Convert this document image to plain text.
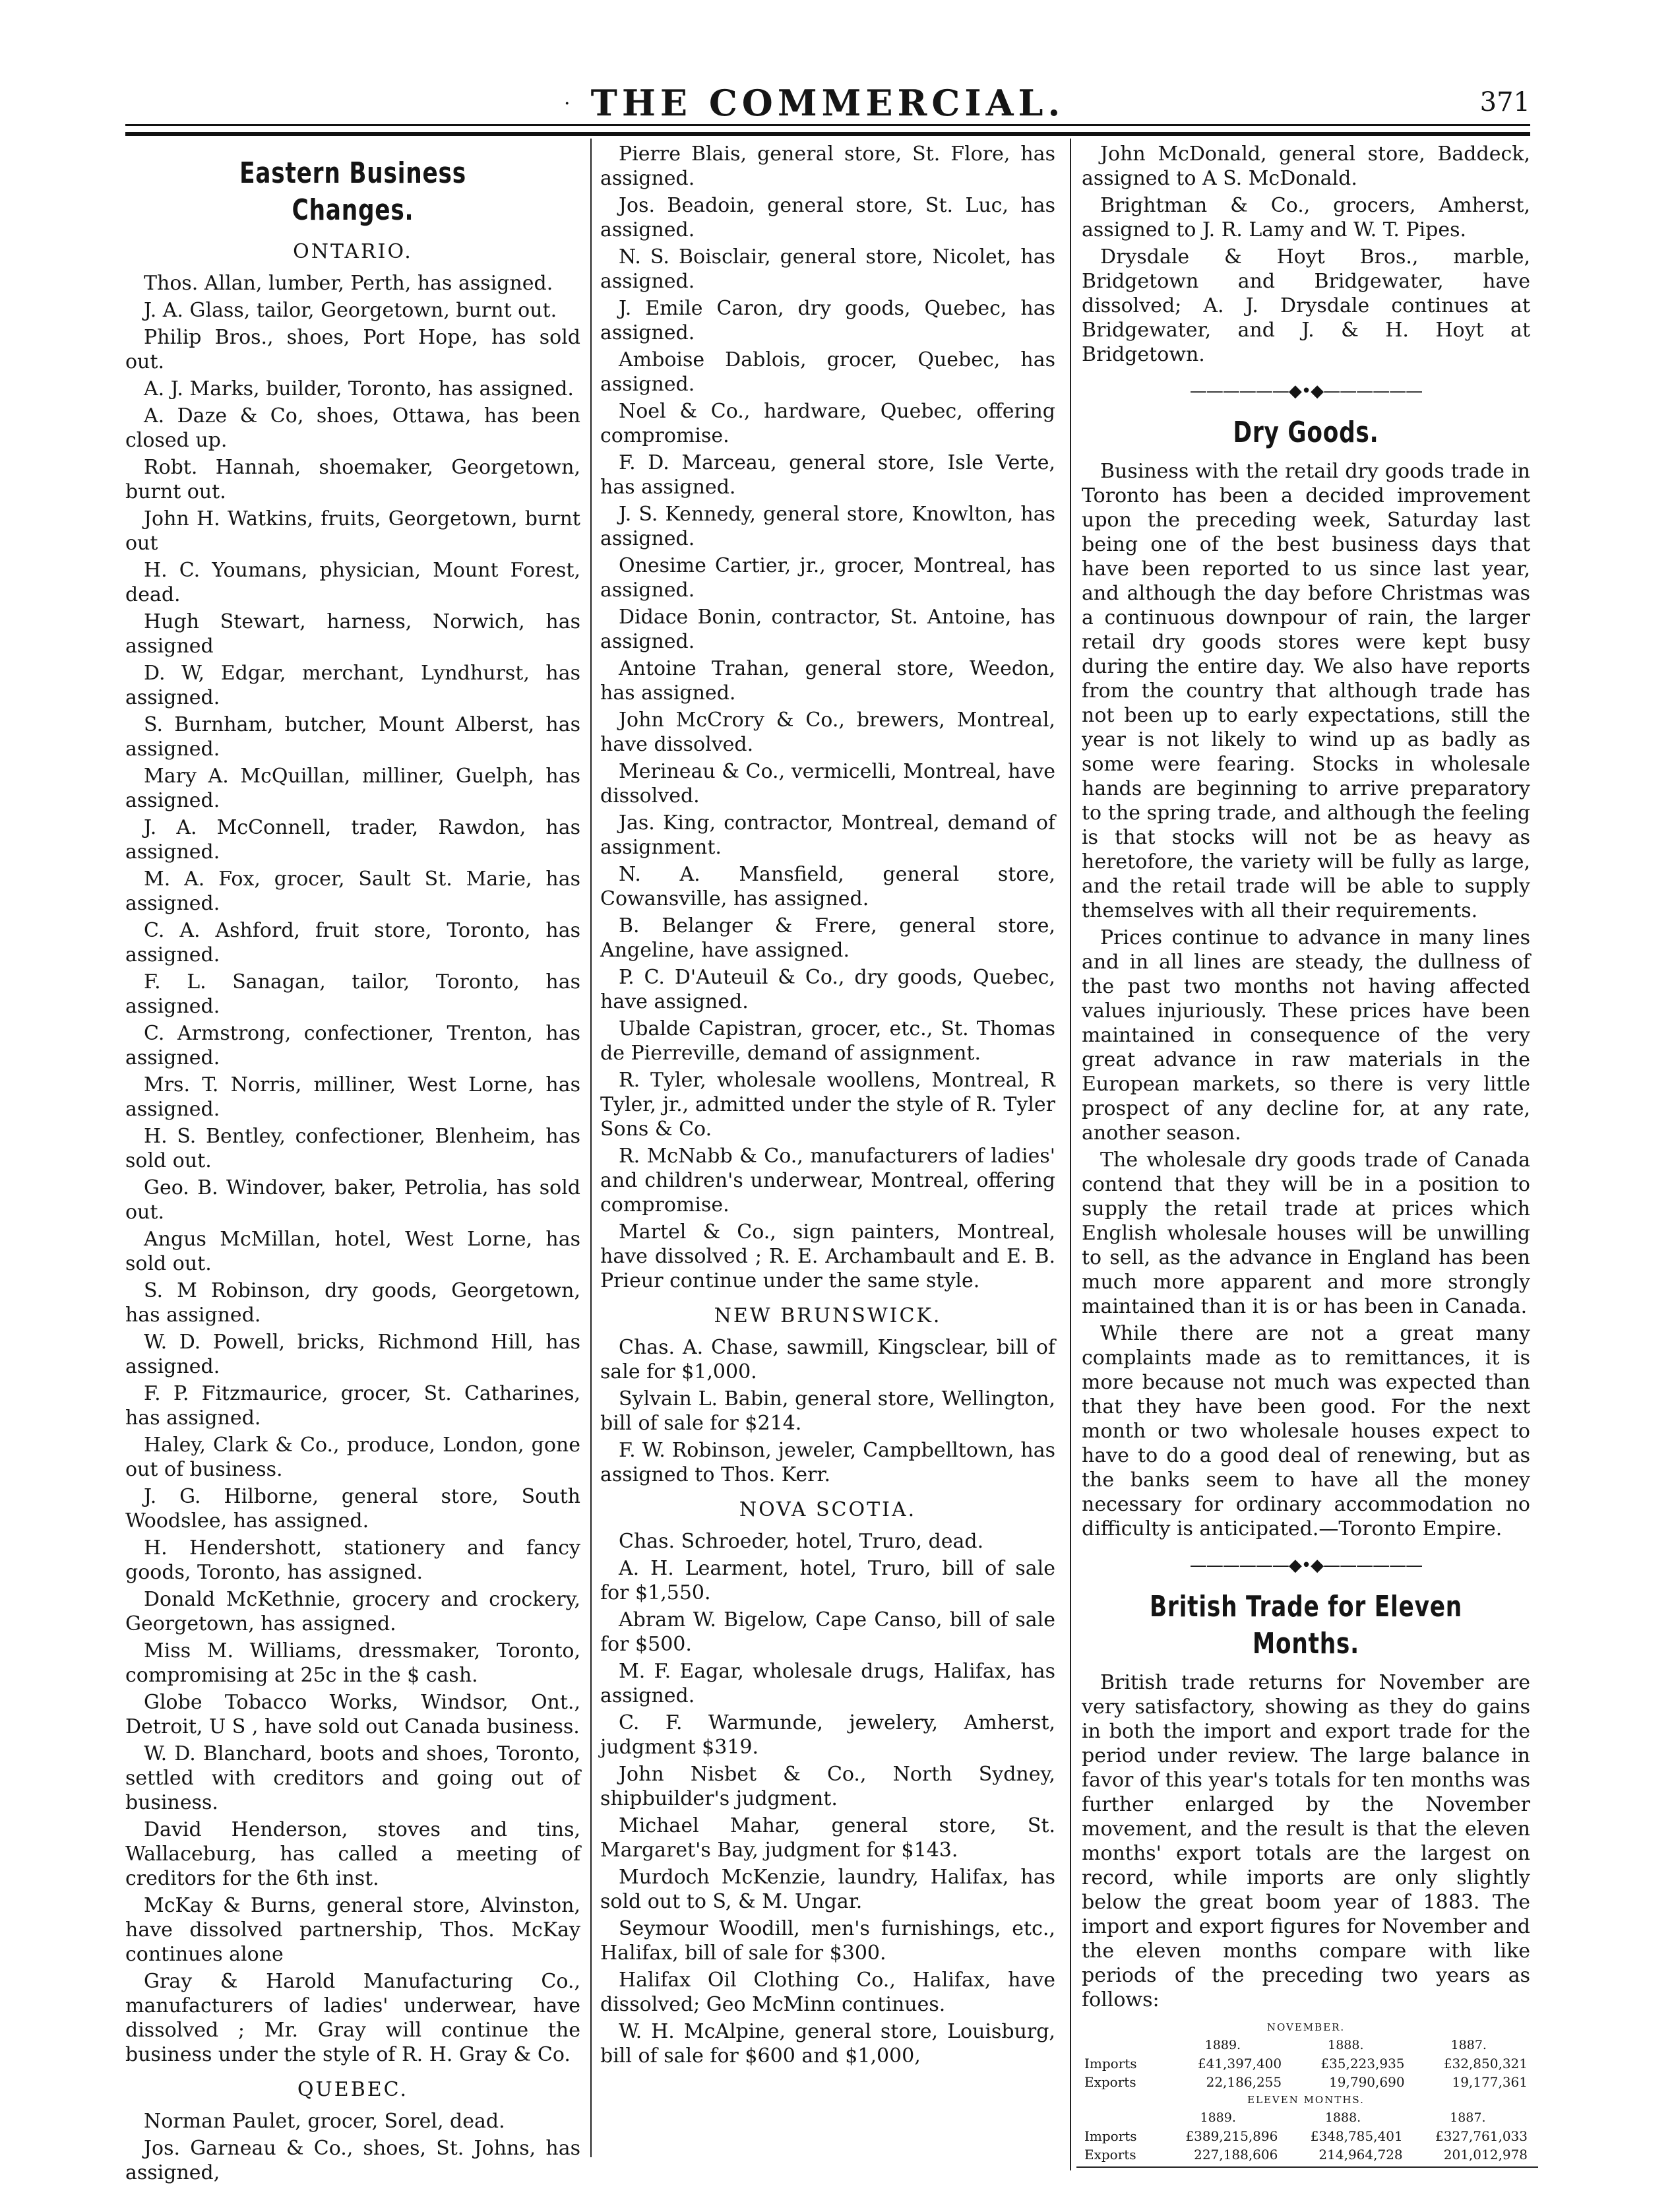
· THE COMMERCIAL.	371
Eastern Business Changes.
ONTARIO.

Thos. Allan, lumber, Perth, has assigned.

J. A. Glass, tailor, Georgetown, burnt out.

Philip Bros., shoes, Port Hope, has sold out.

A. J. Marks, builder, Toronto, has assigned.

A. Daze & Co, shoes, Ottawa, has been closed up.

Robt. Hannah, shoemaker, Georgetown, burnt out.

John H. Watkins, fruits, Georgetown, burnt out

H. C. Youmans, physician, Mount Forest, dead.

Hugh Stewart, harness, Norwich, has assigned

D. W, Edgar, merchant, Lyndhurst, has assigned.

S. Burnham, butcher, Mount Alberst, has assigned.

Mary A. McQuillan, milliner, Guelph, has assigned.

J. A. McConnell, trader, Rawdon, has assigned.

M. A. Fox, grocer, Sault St. Marie, has assigned.

C. A. Ashford, fruit store, Toronto, has assigned.

F. L. Sanagan, tailor, Toronto, has assigned.

C. Armstrong, confectioner, Trenton, has assigned.

Mrs. T. Norris, milliner, West Lorne, has assigned.

H. S. Bentley, confectioner, Blenheim, has sold out.

Geo. B. Windover, baker, Petrolia, has sold out.

Angus McMillan, hotel, West Lorne, has sold out.

S. M Robinson, dry goods, Georgetown, has assigned.

W. D. Powell, bricks, Richmond Hill, has assigned.

F. P. Fitzmaurice, grocer, St. Catharines, has assigned.

Haley, Clark & Co., produce, London, gone out of business.

J. G. Hilborne, general store, South Woodslee, has assigned.

H. Hendershott, stationery and fancy goods, Toronto, has assigned.

Donald McKethnie, grocery and crockery, Georgetown, has assigned.

Miss M. Williams, dressmaker, Toronto, compromising at 25c in the $ cash.

Globe Tobacco Works, Windsor, Ont., Detroit, U S , have sold out Canada business.

W. D. Blanchard, boots and shoes, Toronto, settled with creditors and going out of business.

David Henderson, stoves and tins, Wallaceburg, has called a meeting of creditors for the 6th inst.

McKay & Burns, general store, Alvinston, have dissolved partnership, Thos. McKay continues alone

Gray & Harold Manufacturing Co., manufacturers of ladies' underwear, have dissolved ; Mr. Gray will continue the business under the style of R. H. Gray & Co.

QUEBEC.

Norman Paulet, grocer, Sorel, dead.

Jos. Garneau & Co., shoes, St. Johns, has assigned,

Pierre Blais, general store, St. Flore, has assigned.

Jos. Beadoin, general store, St. Luc, has assigned.

N. S. Boisclair, general store, Nicolet, has assigned.

J. Emile Caron, dry goods, Quebec, has assigned.

Amboise Dablois, grocer, Quebec, has assigned.

Noel & Co., hardware, Quebec, offering compromise.

F. D. Marceau, general store, Isle Verte, has assigned.

J. S. Kennedy, general store, Knowlton, has assigned.

Onesime Cartier, jr., grocer, Montreal, has assigned.

Didace Bonin, contractor, St. Antoine, has assigned.

Antoine Trahan, general store, Weedon, has assigned.

John McCrory & Co., brewers, Montreal, have dissolved.

Merineau & Co., vermicelli, Montreal, have dissolved.

Jas. King, contractor, Montreal, demand of assignment.

N. A. Mansfield, general store, Cowansville, has assigned.

B. Belanger & Frere, general store, Angeline, have assigned.

P. C. D'Auteuil & Co., dry goods, Quebec, have assigned.

Ubalde Capistran, grocer, etc., St. Thomas de Pierreville, demand of assignment.

R. Tyler, wholesale woollens, Montreal, R Tyler, jr., admitted under the style of R. Tyler Sons & Co.

R. McNabb & Co., manufacturers of ladies' and children's underwear, Montreal, offering compromise.

Martel & Co., sign painters, Montreal, have dissolved ; R. E. Archambault and E. B. Prieur continue under the same style.

NEW BRUNSWICK.

Chas. A. Chase, sawmill, Kingsclear, bill of sale for $1,000.

Sylvain L. Babin, general store, Wellington, bill of sale for $214.

F. W. Robinson, jeweler, Campbelltown, has assigned to Thos. Kerr.

NOVA SCOTIA.

Chas. Schroeder, hotel, Truro, dead.

A. H. Learment, hotel, Truro, bill of sale for $1,550.

Abram W. Bigelow, Cape Canso, bill of sale for $500.

M. F. Eagar, wholesale drugs, Halifax, has assigned.

C. F. Warmunde, jewelery, Amherst, judgment $319.

John Nisbet & Co., North Sydney, shipbuilder's judgment.

Michael Mahar, general store, St. Margaret's Bay, judgment for $143.

Murdoch McKenzie, laundry, Halifax, has sold out to S, & M. Ungar.

Seymour Woodill, men's furnishings, etc., Halifax, bill of sale for $300.

Halifax Oil Clothing Co., Halifax, have dissolved; Geo McMinn continues.

W. H. McAlpine, general store, Louisburg, bill of sale for $600 and $1,000,

John McDonald, general store, Baddeck, assigned to A S. McDonald.

Brightman & Co., grocers, Amherst, assigned to J. R. Lamy and W. T. Pipes.

Drysdale & Hoyt Bros., marble, Bridgetown and Bridgewater, have dissolved; A. J. Drysdale continues at Bridgewater, and J. & H. Hoyt at Bridgetown.

——————◆•◆——————
Dry Goods.

Business with the retail dry goods trade in Toronto has been a decided improvement upon the preceding week, Saturday last being one of the best business days that have been reported to us since last year, and although the day before Christmas was a continuous downpour of rain, the larger retail dry goods stores were kept busy during the entire day. We also have reports from the country that although trade has not been up to early expectations, still the year is not likely to wind up as badly as some were fearing. Stocks in wholesale hands are beginning to arrive preparatory to the spring trade, and although the feeling is that stocks will not be as heavy as heretofore, the variety will be fully as large, and the retail trade will be able to supply themselves with all their requirements.

Prices continue to advance in many lines and in all lines are steady, the dullness of the past two months not having affected values injuriously. These prices have been maintained in consequence of the very great advance in raw materials in the European markets, so there is very little prospect of any decline for, at any rate, another season.

The wholesale dry goods trade of Canada contend that they will be in a position to supply the retail trade at prices which English wholesale houses will be unwilling to sell, as the advance in England has been much more apparent and more strongly maintained than it is or has been in Canada.

While there are not a great many complaints made as to remittances, it is more because not much was expected than that they have been good. For the next month or two wholesale houses expect to have to do a good deal of renewing, but as the banks seem to have all the money necessary for ordinary accommodation no difficulty is anticipated.—Toronto Empire.

——————◆•◆——————
British Trade for Eleven Months.

British trade returns for November are very satisfactory, showing as they do gains in both the import and export trade for the period under review. The large balance in favor of this year's totals for ten months was further enlarged by the November movement, and the result is that the eleven months' export totals are the largest on record, while imports are only slightly below the great boom year of 1883. The import and export figures for November and the eleven months compare with like periods of the preceding two years as follows:

NOVEMBER.
	1889.	1888.	1887.
Imports	£41,397,400	£35,223,935	£32,850,321
Exports	22,186,255	19,790,690	19,177,361
ELEVEN MONTHS.
	1889.	1888.	1887.
Imports	£389,215,896	£348,785,401	£327,761,033
Exports	227,188,606	214,964,728	201,012,978
